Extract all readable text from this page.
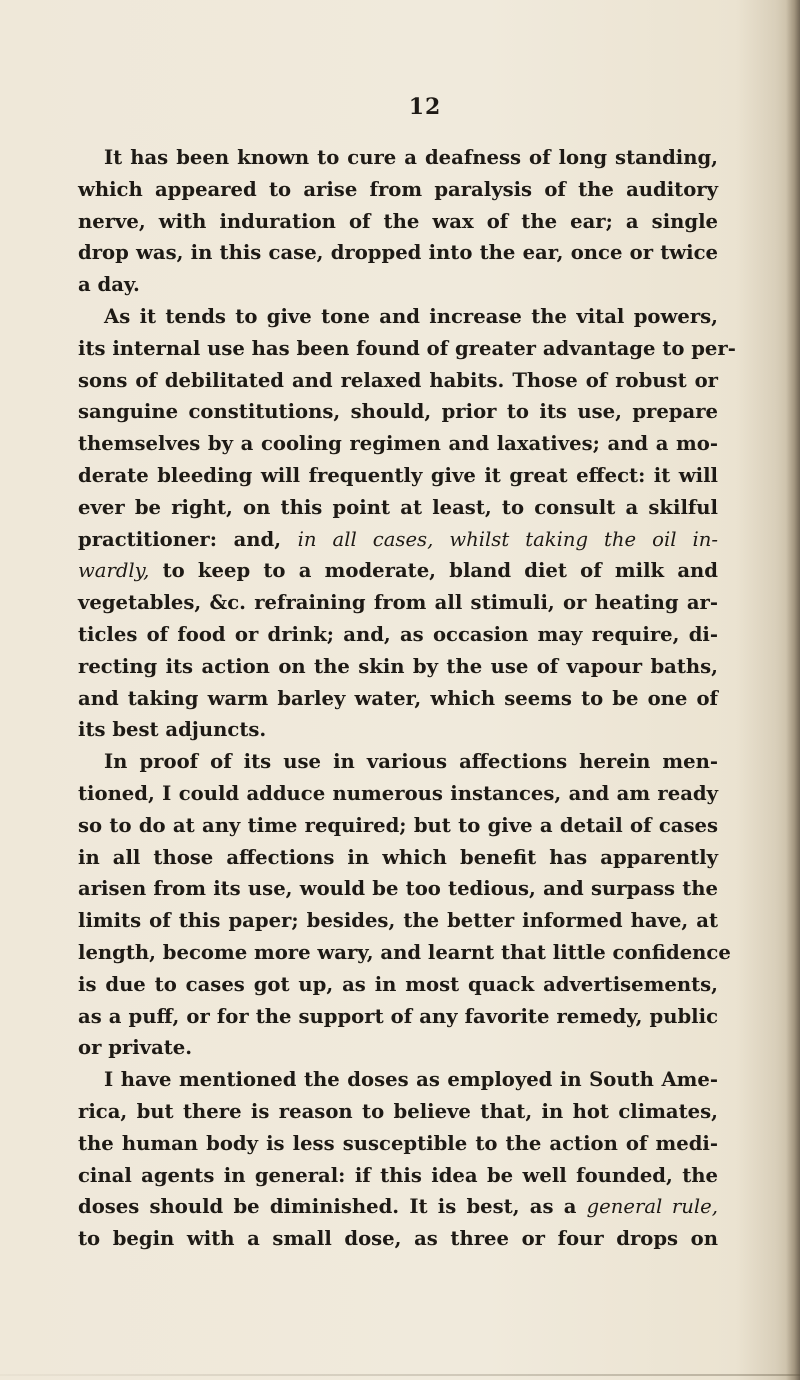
12
It has been known to cure a deafness of long standing,
which appeared to arise from paralysis of the auditory
nerve, with induration of the wax of the ear; a single
drop was, in this case, dropped into the ear, once or twice
a day.
As it tends to give tone and increase the vital powers,
its internal use has been found of greater advantage to per-
sons of debilitated and relaxed habits. Those of robust or
sanguine constitutions, should, prior to its use, prepare
themselves by a cooling regimen and laxatives; and a mo-
derate bleeding will frequently give it great effect: it will
ever be right, on this point at least, to consult a skilful
practitioner: and, in all cases, whilst taking the oil in-
wardly, to keep to a moderate, bland diet of milk and
vegetables, &c. refraining from all stimuli, or heating ar-
ticles of food or drink; and, as occasion may require, di-
recting its action on the skin by the use of vapour baths,
and taking warm barley water, which seems to be one of
its best adjuncts.
In proof of its use in various affections herein men-
tioned, I could adduce numerous instances, and am ready
so to do at any time required; but to give a detail of cases
in all those affections in which benefit has apparently
arisen from its use, would be too tedious, and surpass the
limits of this paper; besides, the better informed have, at
length, become more wary, and learnt that little confidence
is due to cases got up, as in most quack advertisements,
as a puff, or for the support of any favorite remedy, public
or private.
I have mentioned the doses as employed in South Ame-
rica, but there is reason to believe that, in hot climates,
the human body is less susceptible to the action of medi-
cinal agents in general: if this idea be well founded, the
doses should be diminished. It is best, as a general rule,
to begin with a small dose, as three or four drops on
